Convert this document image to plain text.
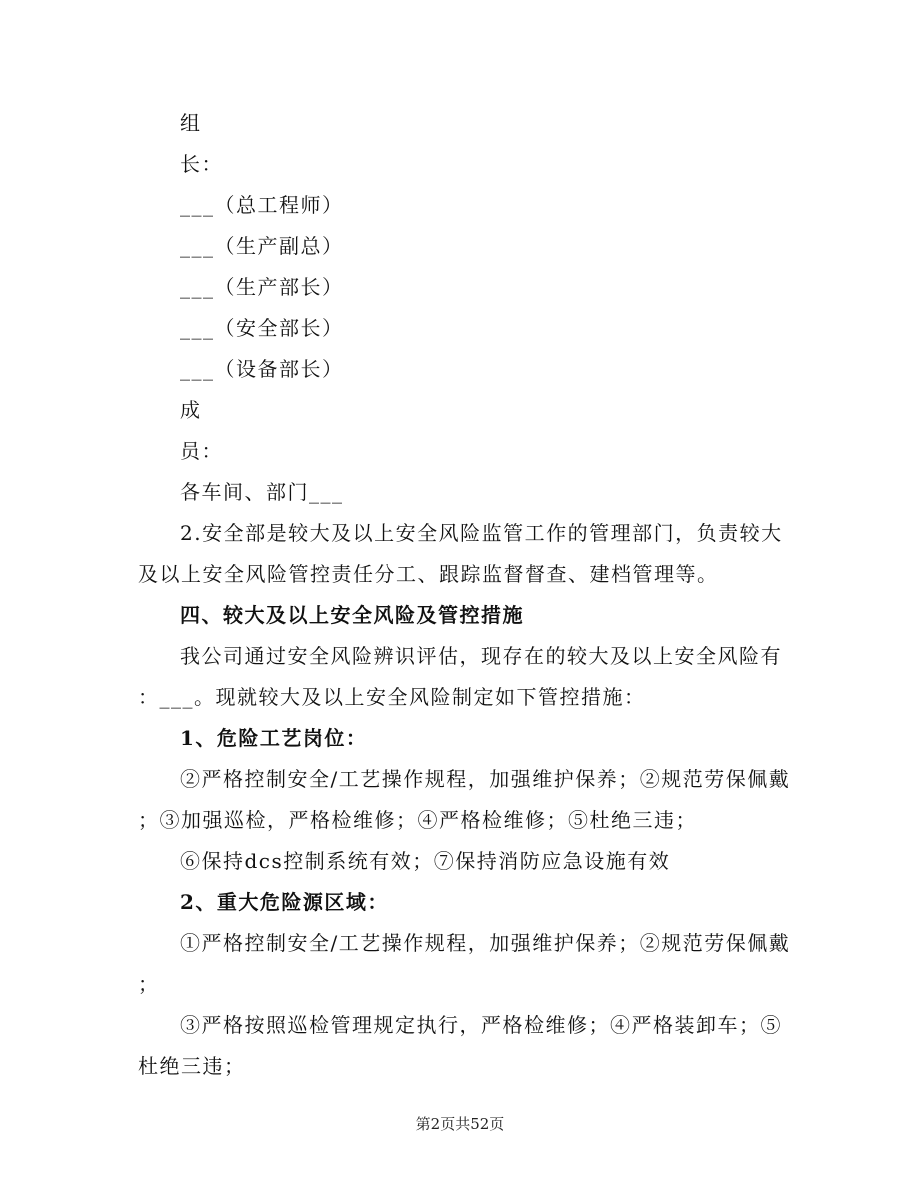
组

长：

___（总工程师）

___（生产副总）

___（生产部长）

___（安全部长）

___（设备部长）

成

员：

各车间、部门___

2.安全部是较大及以上安全风险监管工作的管理部门，负责较大

及以上安全风险管控责任分工、跟踪监督督查、建档管理等。

四、较大及以上安全风险及管控措施

我公司通过安全风险辨识评估，现存在的较大及以上安全风险有

：___。现就较大及以上安全风险制定如下管控措施：

1、危险工艺岗位：

②严格控制安全/工艺操作规程，加强维护保养；②规范劳保佩戴

；③加强巡检，严格检维修；④严格检维修；⑤杜绝三违；

⑥保持dcs控制系统有效；⑦保持消防应急设施有效

2、重大危险源区域：

①严格控制安全/工艺操作规程，加强维护保养；②规范劳保佩戴

；

③严格按照巡检管理规定执行，严格检维修；④严格装卸车；⑤

杜绝三违；

第2页共52页
